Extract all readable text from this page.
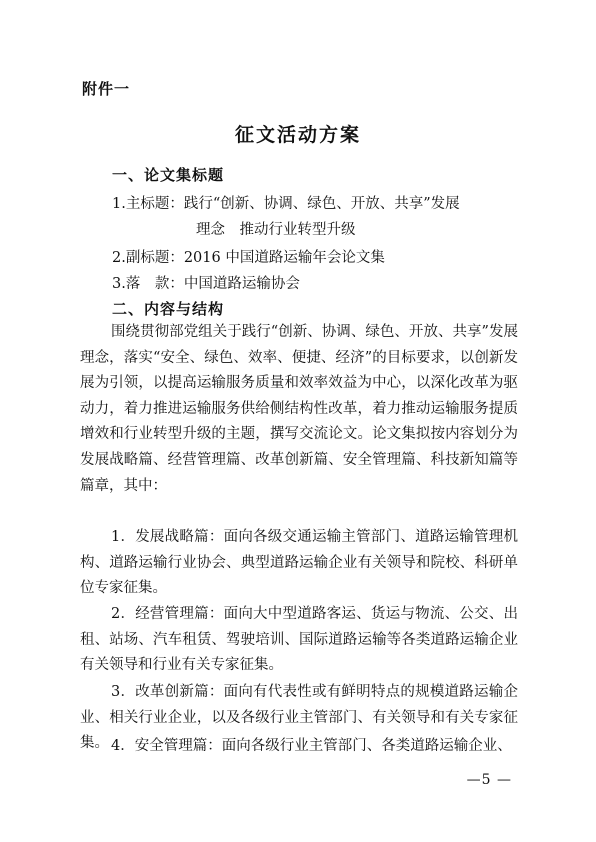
附件一
征文活动方案
一、论文集标题
1.主标题：践行“创新、协调、绿色、开放、共享”发展
理念　推动行业转型升级
2.副标题：2016 中国道路运输年会论文集
3.落　款：中国道路运输协会
二、内容与结构

围绕贯彻部党组关于践行“创新、协调、绿色、开放、共享”发展理念，落实“安全、绿色、效率、便捷、经济”的目标要求，以创新发展为引领，以提高运输服务质量和效率效益为中心，以深化改革为驱动力，着力推进运输服务供给侧结构性改革，着力推动运输服务提质增效和行业转型升级的主题，撰写交流论文。论文集拟按内容划分为发展战略篇、经营管理篇、改革创新篇、安全管理篇、科技新知篇等篇章，其中：

1．发展战略篇：面向各级交通运输主管部门、道路运输管理机构、道路运输行业协会、典型道路运输企业有关领导和院校、科研单位专家征集。

2．经营管理篇：面向大中型道路客运、货运与物流、公交、出租、站场、汽车租赁、驾驶培训、国际道路运输等各类道路运输企业有关领导和行业有关专家征集。

3．改革创新篇：面向有代表性或有鲜明特点的规模道路运输企业、相关行业企业，以及各级行业主管部门、有关领导和有关专家征集。 4．安全管理篇：面向各级行业主管部门、各类道路运输企业、

—5 —
